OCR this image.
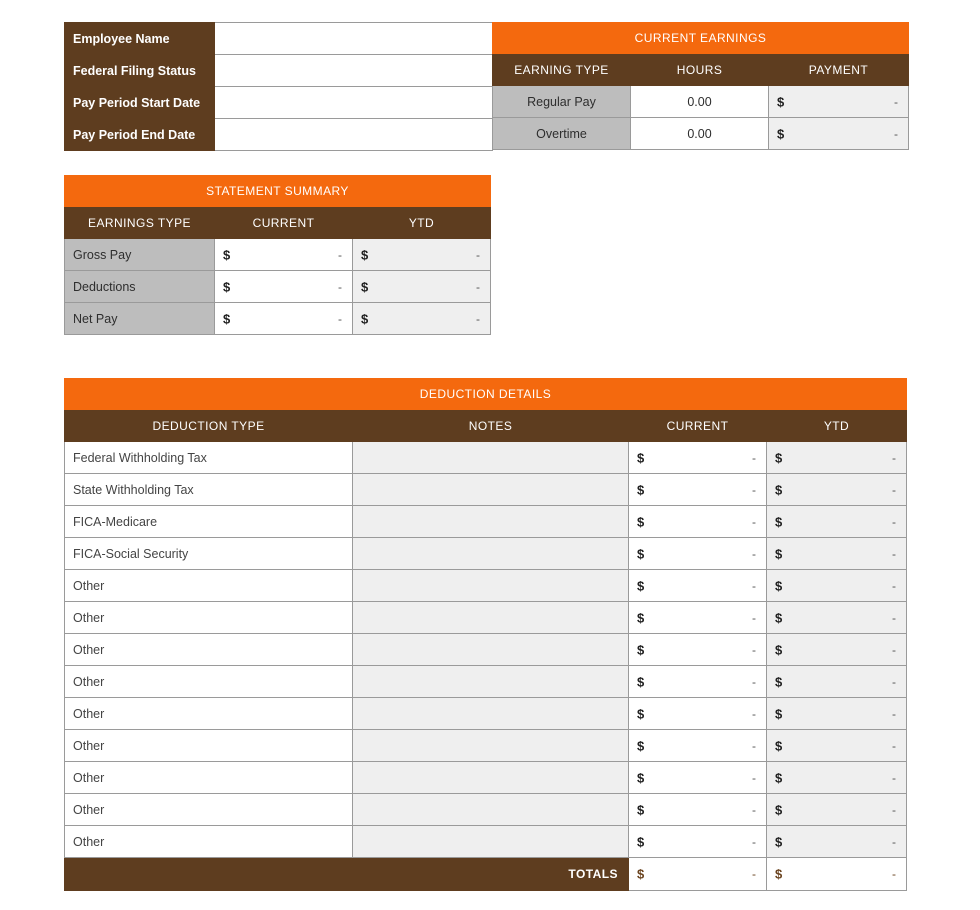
Employee Name	
Federal Filing Status	
Pay Period Start Date	
Pay Period End Date	
CURRENT EARNINGS		
EARNING TYPE	HOURS	PAYMENT
Regular Pay	0.00	$ -

Overtime	0.00	$ -
STATEMENT SUMMARY		
EARNINGS TYPE	CURRENT	YTD
Gross Pay	$ -	$ -

Deductions	$ -	$ -

Net Pay	$ -	$ -
DEDUCTION DETAILS			
DEDUCTION TYPE	NOTES	CURRENT	YTD
Federal Withholding Tax		$ -	$ -

State Withholding Tax		$ -	$ -

FICA-Medicare		$ -	$ -

FICA-Social Security		$ -	$ -

Other		$ -	$ -

Other		$ -	$ -

Other		$ -	$ -

Other		$ -	$ -

Other		$ -	$ -

Other		$ -	$ -

Other		$ -	$ -

Other		$ -	$ -

Other		$ -	$ -

TOTALS		$ -	$ -
